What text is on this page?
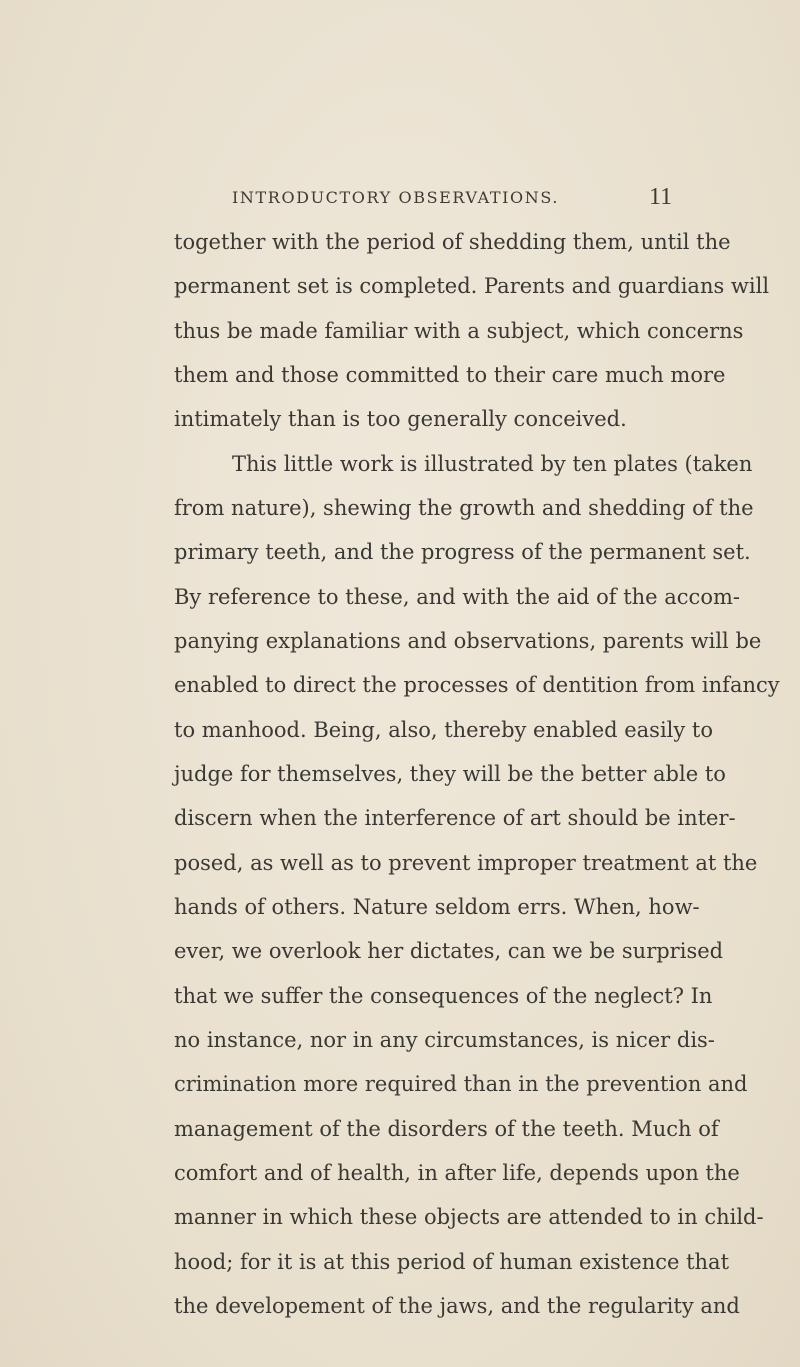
INTRODUCTORY OBSERVATIONS.	11
together with the period of shedding them, until the
permanent set is completed. Parents and guardians will
thus be made familiar with a subject, which concerns
them and those committed to their care much more
intimately than is too generally conceived.
This little work is illustrated by ten plates (taken
from nature), shewing the growth and shedding of the
primary teeth, and the progress of the permanent set.
By reference to these, and with the aid of the accom-
panying explanations and observations, parents will be
enabled to direct the processes of dentition from infancy
to manhood. Being, also, thereby enabled easily to
judge for themselves, they will be the better able to
discern when the interference of art should be inter-
posed, as well as to prevent improper treatment at the
hands of others. Nature seldom errs. When, how-
ever, we overlook her dictates, can we be surprised
that we suffer the consequences of the neglect? In
no instance, nor in any circumstances, is nicer dis-
crimination more required than in the prevention and
management of the disorders of the teeth. Much of
comfort and of health, in after life, depends upon the
manner in which these objects are attended to in child-
hood; for it is at this period of human existence that
the developement of the jaws, and the regularity and
